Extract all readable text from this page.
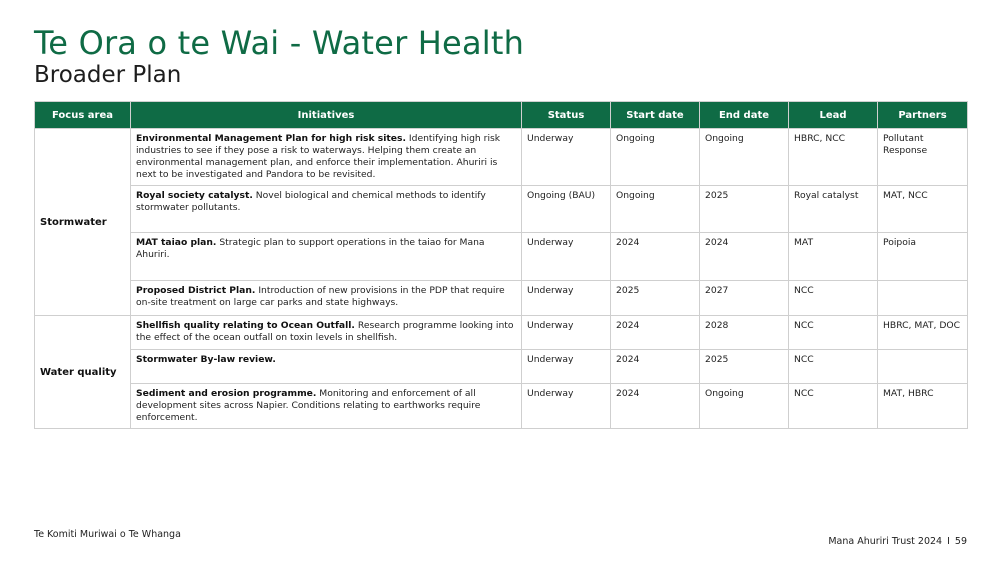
Te Ora o te Wai - Water Health
Broader Plan
Focus area	Initiatives	Status	Start date	End date	Lead	Partners
Stormwater	Environmental Management Plan for high risk sites. Identifying high risk industries to see if they pose a risk to waterways. Helping them create an environmental management plan, and enforce their implementation. Ahuriri is next to be investigated and Pandora to be revisited.	Underway	Ongoing	Ongoing	HBRC, NCC	Pollutant Response
	Royal society catalyst. Novel biological and chemical methods to identify stormwater pollutants.	Ongoing (BAU)	Ongoing	2025	Royal catalyst	MAT, NCC
	MAT taiao plan. Strategic plan to support operations in the taiao for Mana Ahuriri.	Underway	2024	2024	MAT	Poipoia
	Proposed District Plan. Introduction of new provisions in the PDP that require on-site treatment on large car parks and state highways.	Underway	2025	2027	NCC	
Water quality	Shellfish quality relating to Ocean Outfall. Research programme looking into the effect of the ocean outfall on toxin levels in shellfish.	Underway	2024	2028	NCC	HBRC, MAT, DOC
	Stormwater By-law review.	Underway	2024	2025	NCC	
	Sediment and erosion programme. Monitoring and enforcement of all development sites across Napier. Conditions relating to earthworks require enforcement.	Underway	2024	Ongoing	NCC	MAT, HBRC
Te Komiti Muriwai o Te Whanga
Mana Ahuriri Trust 2024 I 59
